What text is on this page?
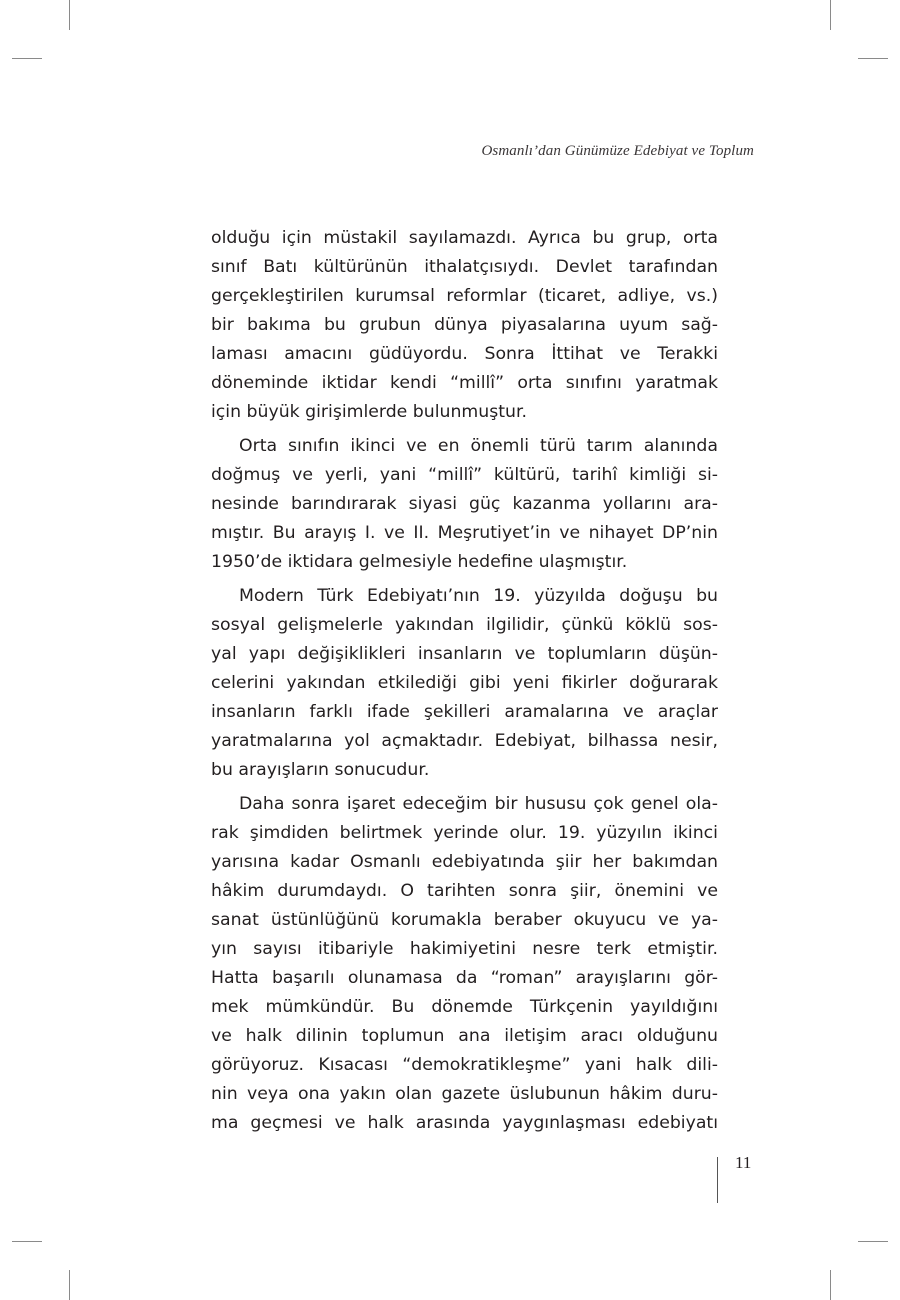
Osmanlı’dan Günümüze Edebiyat ve Toplum
olduğu için müstakil sayılamazdı. Ayrıca bu grup, orta
sınıf Batı kültürünün ithalatçısıydı. Devlet tarafından
gerçekleştirilen kurumsal reformlar (ticaret, adliye, vs.)
bir bakıma bu grubun dünya piyasalarına uyum sağ-
laması amacını güdüyordu. Sonra İttihat ve Terakki
döneminde iktidar kendi “millî” orta sınıfını yaratmak
için büyük girişimlerde bulunmuştur.
Orta sınıfın ikinci ve en önemli türü tarım alanında
doğmuş ve yerli, yani “millî” kültürü, tarihî kimliği si-
nesinde barındırarak siyasi güç kazanma yollarını ara-
mıştır. Bu arayış I. ve II. Meşrutiyet’in ve nihayet DP’nin
1950’de iktidara gelmesiyle hedefine ulaşmıştır.
Modern Türk Edebiyatı’nın 19. yüzyılda doğuşu bu
sosyal gelişmelerle yakından ilgilidir, çünkü köklü sos-
yal yapı değişiklikleri insanların ve toplumların düşün-
celerini yakından etkilediği gibi yeni fikirler doğurarak
insanların farklı ifade şekilleri aramalarına ve araçlar
yaratmalarına yol açmaktadır. Edebiyat, bilhassa nesir,
bu arayışların sonucudur.
Daha sonra işaret edeceğim bir hususu çok genel ola-
rak şimdiden belirtmek yerinde olur. 19. yüzyılın ikinci
yarısına kadar Osmanlı edebiyatında şiir her bakımdan
hâkim durumdaydı. O tarihten sonra şiir, önemini ve
sanat üstünlüğünü korumakla beraber okuyucu ve ya-
yın sayısı itibariyle hakimiyetini nesre terk etmiştir.
Hatta başarılı olunamasa da “roman” arayışlarını gör-
mek mümkündür. Bu dönemde Türkçenin yayıldığını
ve halk dilinin toplumun ana iletişim aracı olduğunu
görüyoruz. Kısacası “demokratikleşme” yani halk dili-
nin veya ona yakın olan gazete üslubunun hâkim duru-
ma geçmesi ve halk arasında yaygınlaşması edebiyatı
11
